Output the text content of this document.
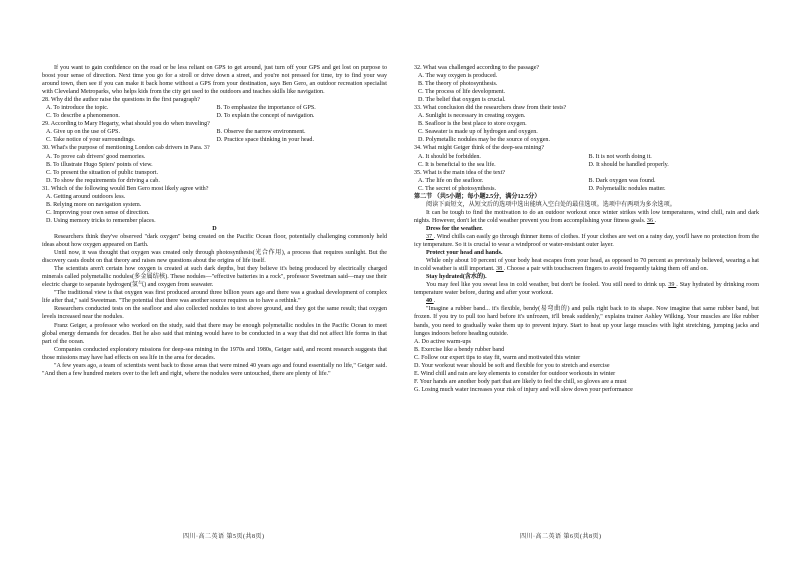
If you want to gain confidence on the road or be less reliant on GPS to get around, just turn off your GPS and get lost on purpose to boost your sense of direction. Next time you go for a stroll or drive down a street, and you're not pressed for time, try to find your way around town, then see if you can make it back home without a GPS from your destination, says Ben Gero, an outdoor recreation specialist with Cleveland Metroparks, who helps kids from the city get used to the outdoors and teaches skills like navigation.

28. Why did the author raise the questions in the first paragraph?

A. To introduce the topic.	B. To emphasize the importance of GPS.
C. To describe a phenomenon.	D. To explain the concept of navigation.

29. According to Mary Hegarty, what should you do when traveling?

A. Give up on the use of GPS.	B. Observe the narrow environment.
C. Take notice of your surroundings.	D. Practice space thinking in your head.

30. What's the purpose of mentioning London cab drivers in Para. 3?

A. To prove cab drivers' good memories.

B. To illustrate Hugo Spiers' points of view.

C. To present the situation of public transport.

D. To show the requirements for driving a cab.

31. Which of the following would Ben Gero most likely agree with?

A. Getting around outdoors less.

B. Relying more on navigation system.

C. Improving your own sense of direction.

D. Using memory tricks to remember places.

D

Researchers think they've observed "dark oxygen" being created on the Pacific Ocean floor, potentially challenging commonly held ideas about how oxygen appeared on Earth.

Until now, it was thought that oxygen was created only through photosynthesis(光合作用), a process that requires sunlight. But the discovery casts doubt on that theory and raises new questions about the origins of life itself.

The scientists aren't certain how oxygen is created at such dark depths, but they believe it's being produced by electrically charged minerals called polymetallic nodules(多金属结核). These nodules—"effective batteries in a rock", professor Sweetman said—may use their electric charge to separate hydrogen(氢气) and oxygen from seawater.

"The traditional view is that oxygen was first produced around three billion years ago and there was a gradual development of complex life after that," said Sweetman. "The potential that there was another source requires us to have a rethink."

Researchers conducted tests on the seafloor and also collected nodules to test above ground, and they got the same result; that oxygen levels increased near the nodules.

Franz Geiger, a professor who worked on the study, said that there may be enough polymetallic nodules in the Pacific Ocean to meet global energy demands for decades. But he also said that mining would have to be conducted in a way that did not affect life forms in that part of the ocean.

Companies conducted exploratory missions for deep-sea mining in the 1970s and 1980s, Geiger said, and recent research suggests that those missions may have had effects on sea life in the area for decades.

"A few years ago, a team of scientists went back to those areas that were mined 40 years ago and found essentially no life," Geiger said. "And then a few hundred meters over to the left and right, where the nodules were untouched, there are plenty of life."

32. What was challenged according to the passage?

A. The way oxygen is produced.

B. The theory of photosynthesis.

C. The process of life development.

D. The belief that oxygen is crucial.

33. What conclusion did the researchers draw from their tests?

A. Sunlight is necessary in creating oxygen.

B. Seafloor is the best place to store oxygen.

C. Seawater is made up of hydrogen and oxygen.

D. Polymetallic nodules may be the source of oxygen.

34. What might Geiger think of the deep-sea mining?

A. It should be forbidden.	B. It is not worth doing it.
C. It is beneficial to the sea life.	D. It should be handled properly.

35. What is the main idea of the text?

A. The life on the seafloor.	B. Dark oxygen was found.
C. The secret of photosynthesis.	D. Polymetallic nodules matter.

第二节 （共5小题；每小题2.5分，满分12.5分）

阅读下面短文，从短文后的选项中选出能填入空白处的最佳选项。选项中有两项为多余选项。

It can be tough to find the motivation to do an outdoor workout once winter strikes with low temperatures, wind chill, rain and dark nights. However, don't let the cold weather prevent you from accomplishing your fitness goals. 36 .

Dress for the weather.

37 . Wind chills can easily go through thinner items of clothes. If your clothes are wet on a rainy day, you'll have no protection from the icy temperature. So it is crucial to wear a windproof or water-resistant outer layer.

Protect your head and hands.

While only about 10 percent of your body heat escapes from your head, as opposed to 70 percent as previously believed, wearing a hat in cold weather is still important. 38 . Choose a pair with touchscreen fingers to avoid frequently taking them off and on.

Stay hydrated(含水的).

You may feel like you sweat less in cold weather, but don't be fooled. You still need to drink up. 39 . Stay hydrated by drinking room temperature water before, during and after your workout.

40 .

"Imagine a rubber band... it's flexible, bendy(易弯曲的) and pulls right back to its shape. Now imagine that same rubber band, but frozen. If you try to pull too hard before it's unfrozen, it'll break suddenly," explains trainer Ashley Wilking. Your muscles are like rubber bands, you need to gradually wake them up to prevent injury. Start to heat up your large muscles with light stretching, jumping jacks and lunges indoors before heading outside.

A. Do active warm-ups

B. Exercise like a bendy rubber band

C. Follow our expert tips to stay fit, warm and motivated this winter

D. Your workout wear should be soft and flexible for you to stretch and exercise

E. Wind chill and rain are key elements to consider for outdoor workouts in winter

F. Your hands are another body part that are likely to feel the chill, so gloves are a must

G. Losing much water increases your risk of injury and will slow down your performance

四川·高二英语 第5页(共8页)	四川·高二英语 第6页(共8页)
